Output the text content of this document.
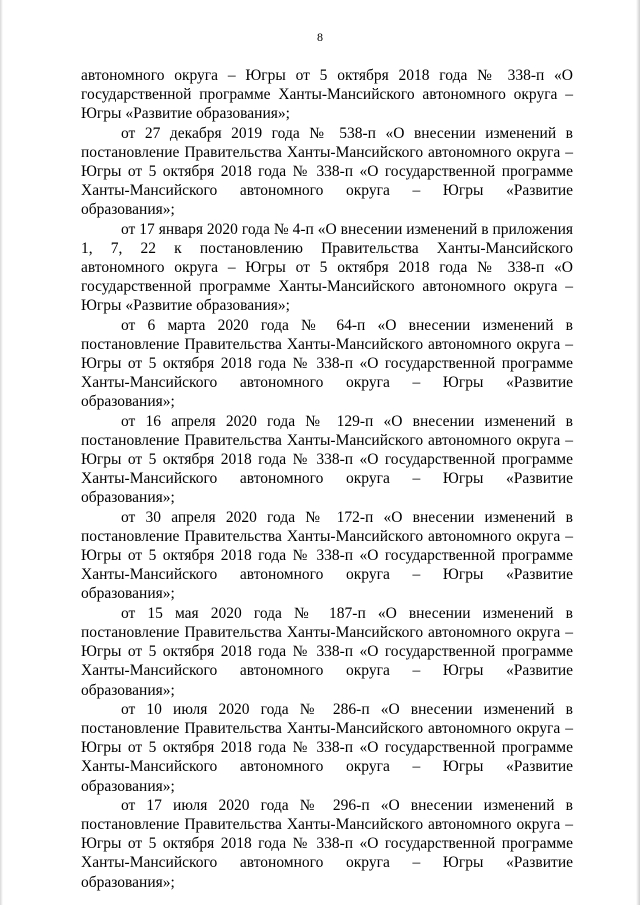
8

автономного округа – Югры от 5 октября 2018 года № 338-п «О государственной программе Ханты-Мансийского автономного округа – Югры «Развитие образования»;

от 27 декабря 2019 года № 538-п «О внесении изменений в постановление Правительства Ханты-Мансийского автономного округа – Югры от 5 октября 2018 года № 338-п «О государственной программе Ханты-Мансийского автономного округа – Югры «Развитие образования»;

от 17 января 2020 года № 4-п «О внесении изменений в приложения 1, 7, 22 к постановлению Правительства Ханты-Мансийского автономного округа – Югры от 5 октября 2018 года № 338-п «О государственной программе Ханты-Мансийского автономного округа – Югры «Развитие образования»;

от 6 марта 2020 года № 64-п «О внесении изменений в постановление Правительства Ханты-Мансийского автономного округа – Югры от 5 октября 2018 года № 338-п «О государственной программе Ханты-Мансийского автономного округа – Югры «Развитие образования»;

от 16 апреля 2020 года № 129-п «О внесении изменений в постановление Правительства Ханты-Мансийского автономного округа – Югры от 5 октября 2018 года № 338-п «О государственной программе Ханты-Мансийского автономного округа – Югры «Развитие образования»;

от 30 апреля 2020 года № 172-п «О внесении изменений в постановление Правительства Ханты-Мансийского автономного округа – Югры от 5 октября 2018 года № 338-п «О государственной программе Ханты-Мансийского автономного округа – Югры «Развитие образования»;

от 15 мая 2020 года № 187-п «О внесении изменений в постановление Правительства Ханты-Мансийского автономного округа – Югры от 5 октября 2018 года № 338-п «О государственной программе Ханты-Мансийского автономного округа – Югры «Развитие образования»;

от 10 июля 2020 года № 286-п «О внесении изменений в постановление Правительства Ханты-Мансийского автономного округа – Югры от 5 октября 2018 года № 338-п «О государственной программе Ханты-Мансийского автономного округа – Югры «Развитие образования»;

от 17 июля 2020 года № 296-п «О внесении изменений в постановление Правительства Ханты-Мансийского автономного округа – Югры от 5 октября 2018 года № 338-п «О государственной программе Ханты-Мансийского автономного округа – Югры «Развитие образования»;
